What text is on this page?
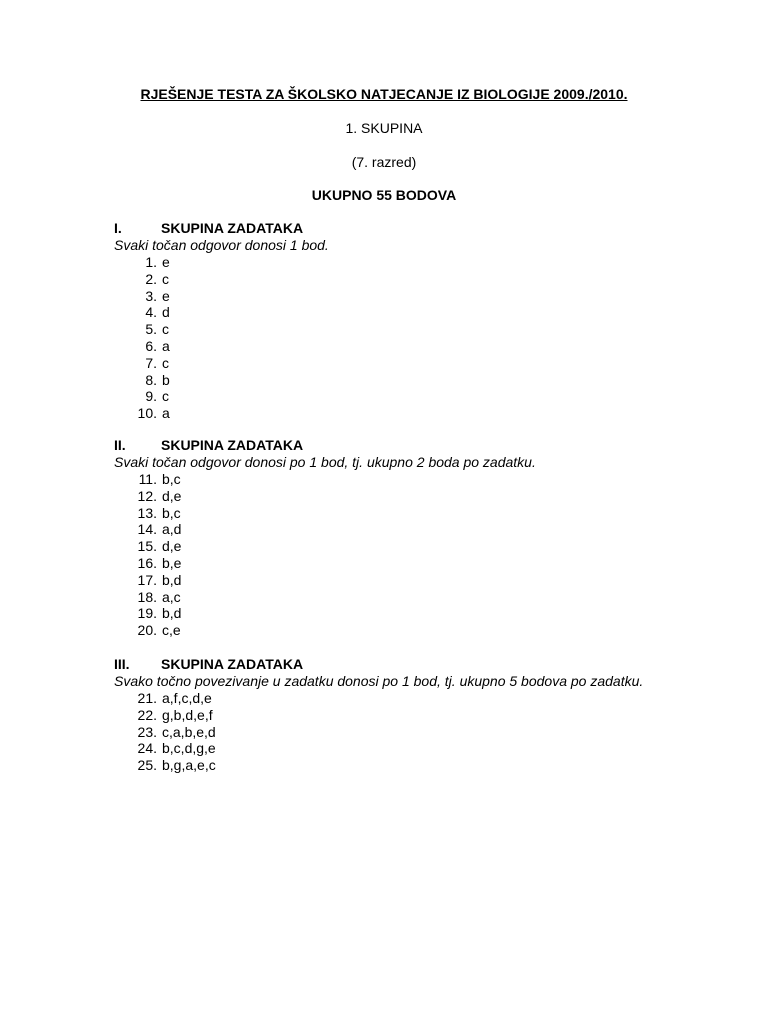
RJEŠENJE TESTA ZA ŠKOLSKO NATJECANJE IZ BIOLOGIJE 2009./2010.
1. SKUPINA
(7. razred)
UKUPNO 55 BODOVA
I.	SKUPINA ZADATAKA
Svaki točan odgovor donosi 1 bod.
1. e
2. c
3. e
4. d
5. c
6. a
7. c
8. b
9. c
10. a
II.	SKUPINA ZADATAKA
Svaki točan odgovor donosi po 1 bod, tj. ukupno 2 boda po zadatku.
11. b,c
12. d,e
13. b,c
14. a,d
15. d,e
16. b,e
17. b,d
18. a,c
19. b,d
20. c,e
III. SKUPINA ZADATAKA
Svako točno povezivanje u zadatku donosi po 1 bod, tj. ukupno 5 bodova po zadatku.
21. a,f,c,d,e
22. g,b,d,e,f
23. c,a,b,e,d
24. b,c,d,g,e
25. b,g,a,e,c
